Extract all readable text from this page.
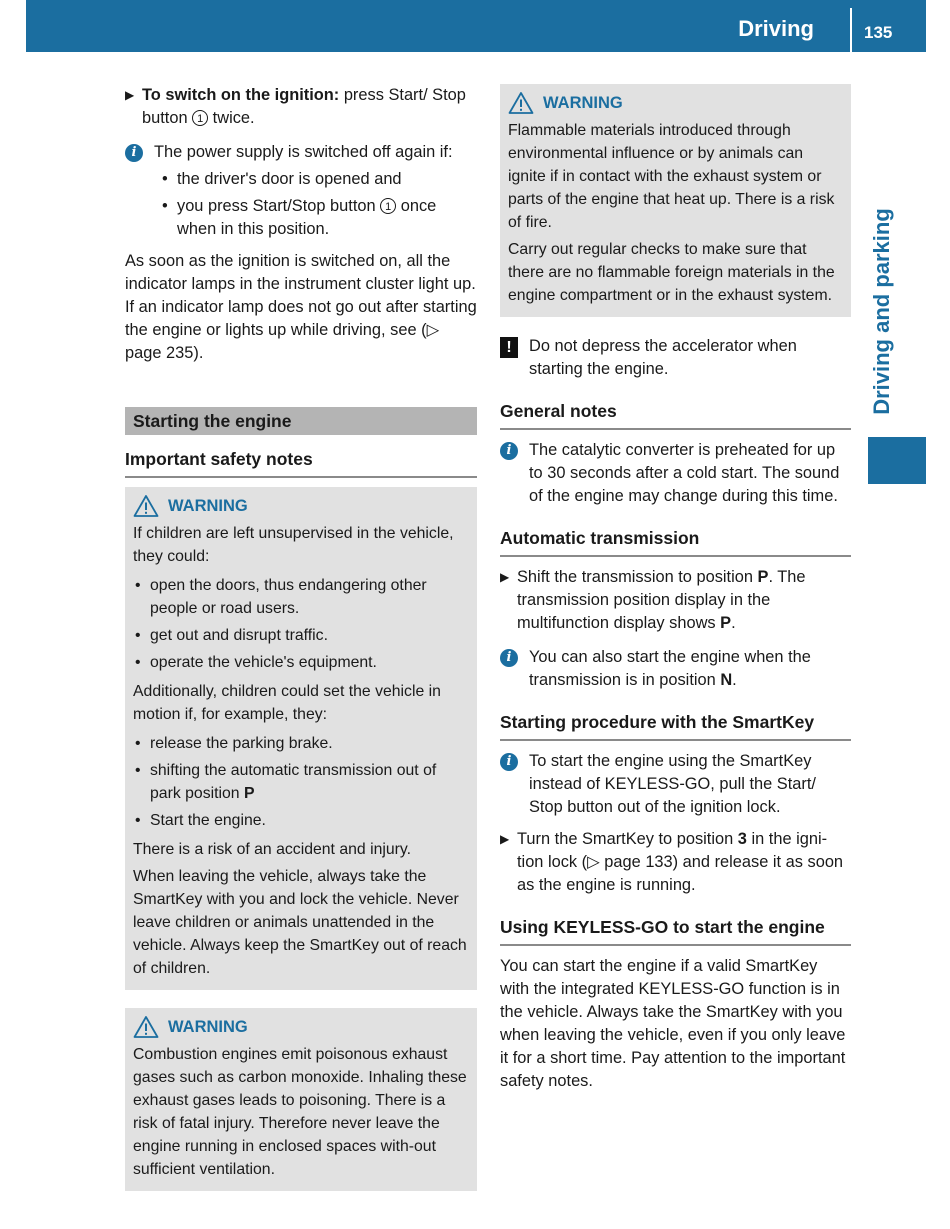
Driving	135
Driving and parking
▶ To switch on the ignition: press Start/ Stop button 1 twice.

i	The power supply is switched off again if:

• the driver's door is opened and
• you press Start/Stop button 1 once when in this position.

As soon as the ignition is switched on, all the indicator lamps in the instrument cluster light up. If an indicator lamp does not go out after starting the engine or lights up while driving, see (▷ page 235).

Starting the engine
Important safety notes
WARNING

If children are left unsupervised in the vehicle, they could:

• open the doors, thus endangering other people or road users.
• get out and disrupt traffic.
• operate the vehicle's equipment.

Additionally, children could set the vehicle in motion if, for example, they:

• release the parking brake.
• shifting the automatic transmission out of park position P
• Start the engine.

There is a risk of an accident and injury.

When leaving the vehicle, always take the SmartKey with you and lock the vehicle. Never leave children or animals unattended in the vehicle. Always keep the SmartKey out of reach of children.

WARNING

Combustion engines emit poisonous exhaust gases such as carbon monoxide. Inhaling these exhaust gases leads to poisoning. There is a risk of fatal injury. Therefore never leave the engine running in enclosed spaces with-out sufficient ventilation.

WARNING

Flammable materials introduced through environmental influence or by animals can ignite if in contact with the exhaust system or parts of the engine that heat up. There is a risk of fire.

Carry out regular checks to make sure that there are no flammable foreign materials in the engine compartment or in the exhaust system.

!	Do not depress the accelerator when starting the engine.

General notes
i	The catalytic converter is preheated for up to 30 seconds after a cold start. The sound of the engine may change during this time.

Automatic transmission
▶ Shift the transmission to position P. The transmission position display in the multifunction display shows P.

i	You can also start the engine when the transmission is in position N.

Starting procedure with the SmartKey
i	To start the engine using the SmartKey instead of KEYLESS-GO, pull the Start/ Stop button out of the ignition lock.

▶ Turn the SmartKey to position 3 in the igni-tion lock (▷ page 133) and release it as soon as the engine is running.

Using KEYLESS-GO to start the engine

You can start the engine if a valid SmartKey with the integrated KEYLESS-GO function is in the vehicle. Always take the SmartKey with you when leaving the vehicle, even if you only leave it for a short time. Pay attention to the important safety notes.
